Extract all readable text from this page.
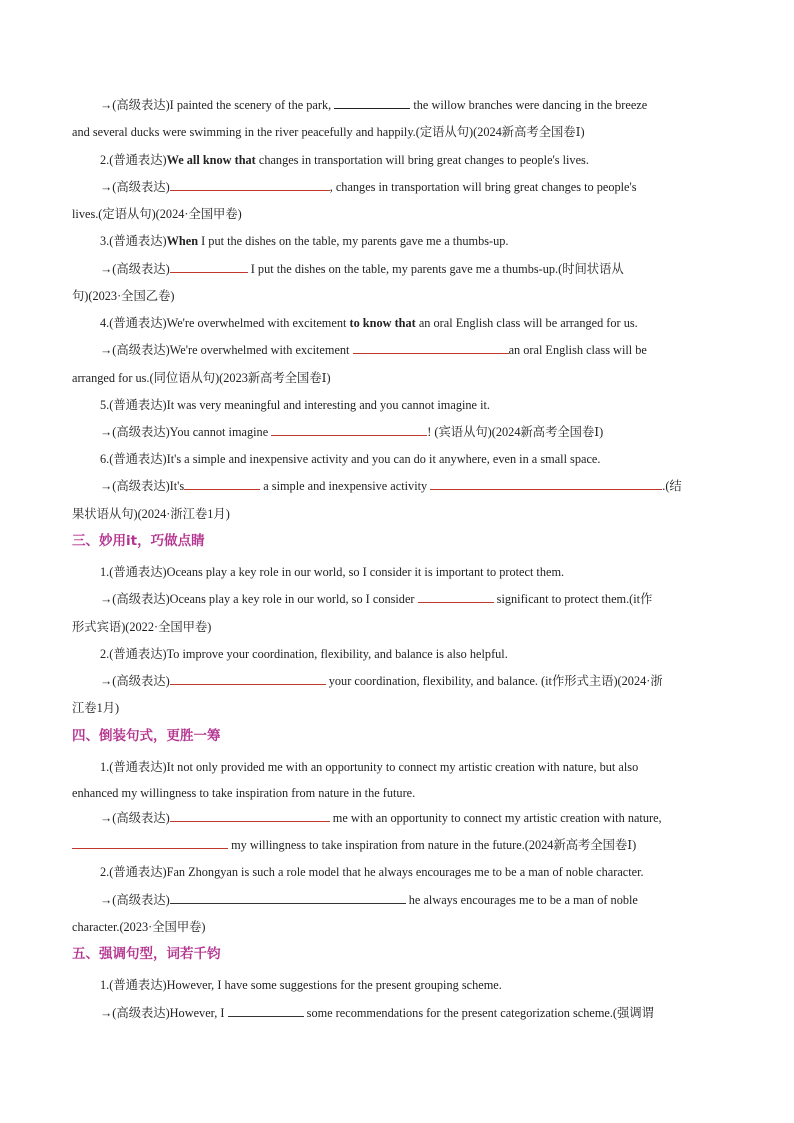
→(高级表达)I painted the scenery of the park,	the willow branches were dancing in the breeze
and several ducks were swimming in the river peacefully and happily.(定语从句)(2024新高考全国卷Ⅰ)
2.(普通表达)We all know that changes in transportation will bring great changes to people's lives.
→(高级表达)	, changes in transportation will bring great changes to people's
lives.(定语从句)(2024·全国甲卷)
3.(普通表达)When I put the dishes on the table, my parents gave me a thumbs-up.
→(高级表达)	I put the dishes on the table, my parents gave me a thumbs-up.(时间状语从
句)(2023·全国乙卷)
4.(普通表达)We're overwhelmed with excitement to know that an oral English class will be arranged for us.
→(高级表达)We're overwhelmed with excitement	an oral English class will be
arranged for us.(同位语从句)(2023新高考全国卷Ⅰ)
5.(普通表达)It was very meaningful and interesting and you cannot imagine it.
→(高级表达)You cannot imagine	! (宾语从句)(2024新高考全国卷Ⅰ)
6.(普通表达)It's a simple and inexpensive activity and you can do it anywhere, even in a small space.
→(高级表达)It's	a simple and inexpensive activity	.(结
果状语从句)(2024·浙江卷1月)
三、妙用it，巧做点睛
1.(普通表达)Oceans play a key role in our world, so I consider it is important to protect them.
→(高级表达)Oceans play a key role in our world, so I consider	significant to protect them.(it作
形式宾语)(2022·全国甲卷)
2.(普通表达)To improve your coordination, flexibility, and balance is also helpful.
→(高级表达)	your coordination, flexibility, and balance. (it作形式主语)(2024·浙
江卷1月)
四、倒装句式，更胜一筹
1.(普通表达)It not only provided me with an opportunity to connect my artistic creation with nature, but also
enhanced my willingness to take inspiration from nature in the future.
→(高级表达)	me with an opportunity to connect my artistic creation with nature,
my willingness to take inspiration from nature in the future.(2024新高考全国卷Ⅰ)
2.(普通表达)Fan Zhongyan is such a role model that he always encourages me to be a man of noble character.
→(高级表达)	he always encourages me to be a man of noble
character.(2023·全国甲卷)
五、强调句型，词若千钧
1.(普通表达)However, I have some suggestions for the present grouping scheme.
→(高级表达)However, I	some recommendations for the present categorization scheme.(强调谓
